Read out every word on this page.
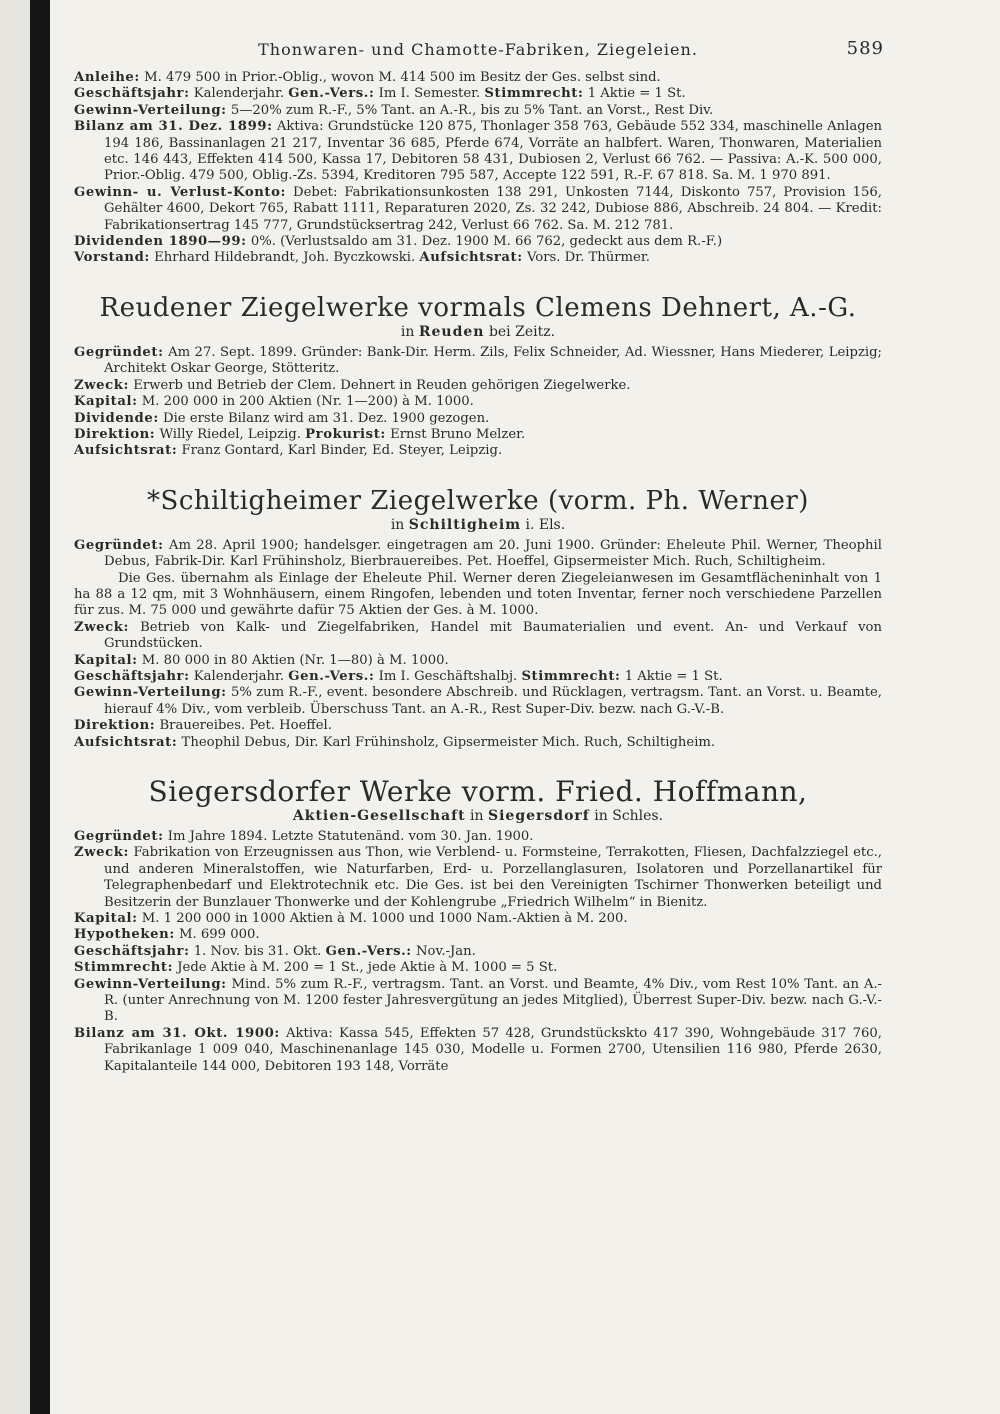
Thonwaren- und Chamotte-Fabriken, Ziegeleien.	589

Anleihe: M. 479 500 in Prior.-Oblig., wovon M. 414 500 im Besitz der Ges. selbst sind.

Geschäftsjahr: Kalenderjahr. Gen.-Vers.: Im I. Semester. Stimmrecht: 1 Aktie = 1 St.

Gewinn-Verteilung: 5—20% zum R.-F., 5% Tant. an A.-R., bis zu 5% Tant. an Vorst., Rest Div.

Bilanz am 31. Dez. 1899: Aktiva: Grundstücke 120 875, Thonlager 358 763, Gebäude 552 334, maschinelle Anlagen 194 186, Bassinanlagen 21 217, Inventar 36 685, Pferde 674, Vorräte an halbfert. Waren, Thonwaren, Materialien etc. 146 443, Effekten 414 500, Kassa 17, Debitoren 58 431, Dubiosen 2, Verlust 66 762. — Passiva: A.-K. 500 000, Prior.-Oblig. 479 500, Oblig.-Zs. 5394, Kreditoren 795 587, Accepte 122 591, R.-F. 67 818. Sa. M. 1 970 891.

Gewinn- u. Verlust-Konto: Debet: Fabrikationsunkosten 138 291, Unkosten 7144, Diskonto 757, Provision 156, Gehälter 4600, Dekort 765, Rabatt 1111, Reparaturen 2020, Zs. 32 242, Dubiose 886, Abschreib. 24 804. — Kredit: Fabrikationsertrag 145 777, Grundstücksertrag 242, Verlust 66 762. Sa. M. 212 781.

Dividenden 1890—99: 0%. (Verlustsaldo am 31. Dez. 1900 M. 66 762, gedeckt aus dem R.-F.)

Vorstand: Ehrhard Hildebrandt, Joh. Byczkowski. Aufsichtsrat: Vors. Dr. Thürmer.

Reudener Ziegelwerke vormals Clemens Dehnert, A.-G.
in Reuden bei Zeitz.

Gegründet: Am 27. Sept. 1899. Gründer: Bank-Dir. Herm. Zils, Felix Schneider, Ad. Wiessner, Hans Miederer, Leipzig; Architekt Oskar George, Stötteritz.

Zweck: Erwerb und Betrieb der Clem. Dehnert in Reuden gehörigen Ziegelwerke.

Kapital: M. 200 000 in 200 Aktien (Nr. 1—200) à M. 1000.

Dividende: Die erste Bilanz wird am 31. Dez. 1900 gezogen.

Direktion: Willy Riedel, Leipzig. Prokurist: Ernst Bruno Melzer.

Aufsichtsrat: Franz Gontard, Karl Binder, Ed. Steyer, Leipzig.

*Schiltigheimer Ziegelwerke (vorm. Ph. Werner)
in Schiltigheim i. Els.

Gegründet: Am 28. April 1900; handelsger. eingetragen am 20. Juni 1900. Gründer: Eheleute Phil. Werner, Theophil Debus, Fabrik-Dir. Karl Frühinsholz, Bierbrauereibes. Pet. Hoeffel, Gipsermeister Mich. Ruch, Schiltigheim.

Die Ges. übernahm als Einlage der Eheleute Phil. Werner deren Ziegeleianwesen im Gesamtflächeninhalt von 1 ha 88 a 12 qm, mit 3 Wohnhäusern, einem Ringofen, lebenden und toten Inventar, ferner noch verschiedene Parzellen für zus. M. 75 000 und gewährte dafür 75 Aktien der Ges. à M. 1000.

Zweck: Betrieb von Kalk- und Ziegelfabriken, Handel mit Baumaterialien und event. An- und Verkauf von Grundstücken.

Kapital: M. 80 000 in 80 Aktien (Nr. 1—80) à M. 1000.

Geschäftsjahr: Kalenderjahr. Gen.-Vers.: Im I. Geschäftshalbj. Stimmrecht: 1 Aktie = 1 St.

Gewinn-Verteilung: 5% zum R.-F., event. besondere Abschreib. und Rücklagen, vertragsm. Tant. an Vorst. u. Beamte, hierauf 4% Div., vom verbleib. Überschuss Tant. an A.-R., Rest Super-Div. bezw. nach G.-V.-B.

Direktion: Brauereibes. Pet. Hoeffel.

Aufsichtsrat: Theophil Debus, Dir. Karl Frühinsholz, Gipsermeister Mich. Ruch, Schiltigheim.

Siegersdorfer Werke vorm. Fried. Hoffmann,
Aktien-Gesellschaft in Siegersdorf in Schles.

Gegründet: Im Jahre 1894. Letzte Statutenänd. vom 30. Jan. 1900.

Zweck: Fabrikation von Erzeugnissen aus Thon, wie Verblend- u. Formsteine, Terrakotten, Fliesen, Dachfalzziegel etc., und anderen Mineralstoffen, wie Naturfarben, Erd- u. Porzellanglasuren, Isolatoren und Porzellanartikel für Telegraphenbedarf und Elektrotechnik etc. Die Ges. ist bei den Vereinigten Tschirner Thonwerken beteiligt und Besitzerin der Bunzlauer Thonwerke und der Kohlengrube „Friedrich Wilhelm“ in Bienitz.

Kapital: M. 1 200 000 in 1000 Aktien à M. 1000 und 1000 Nam.-Aktien à M. 200.

Hypotheken: M. 699 000.

Geschäftsjahr: 1. Nov. bis 31. Okt. Gen.-Vers.: Nov.-Jan.

Stimmrecht: Jede Aktie à M. 200 = 1 St., jede Aktie à M. 1000 = 5 St.

Gewinn-Verteilung: Mind. 5% zum R.-F., vertragsm. Tant. an Vorst. und Beamte, 4% Div., vom Rest 10% Tant. an A.-R. (unter Anrechnung von M. 1200 fester Jahresvergütung an jedes Mitglied), Überrest Super-Div. bezw. nach G.-V.-B.

Bilanz am 31. Okt. 1900: Aktiva: Kassa 545, Effekten 57 428, Grundstückskto 417 390, Wohngebäude 317 760, Fabrikanlage 1 009 040, Maschinenanlage 145 030, Modelle u. Formen 2700, Utensilien 116 980, Pferde 2630, Kapitalanteile 144 000, Debitoren 193 148, Vorräte
